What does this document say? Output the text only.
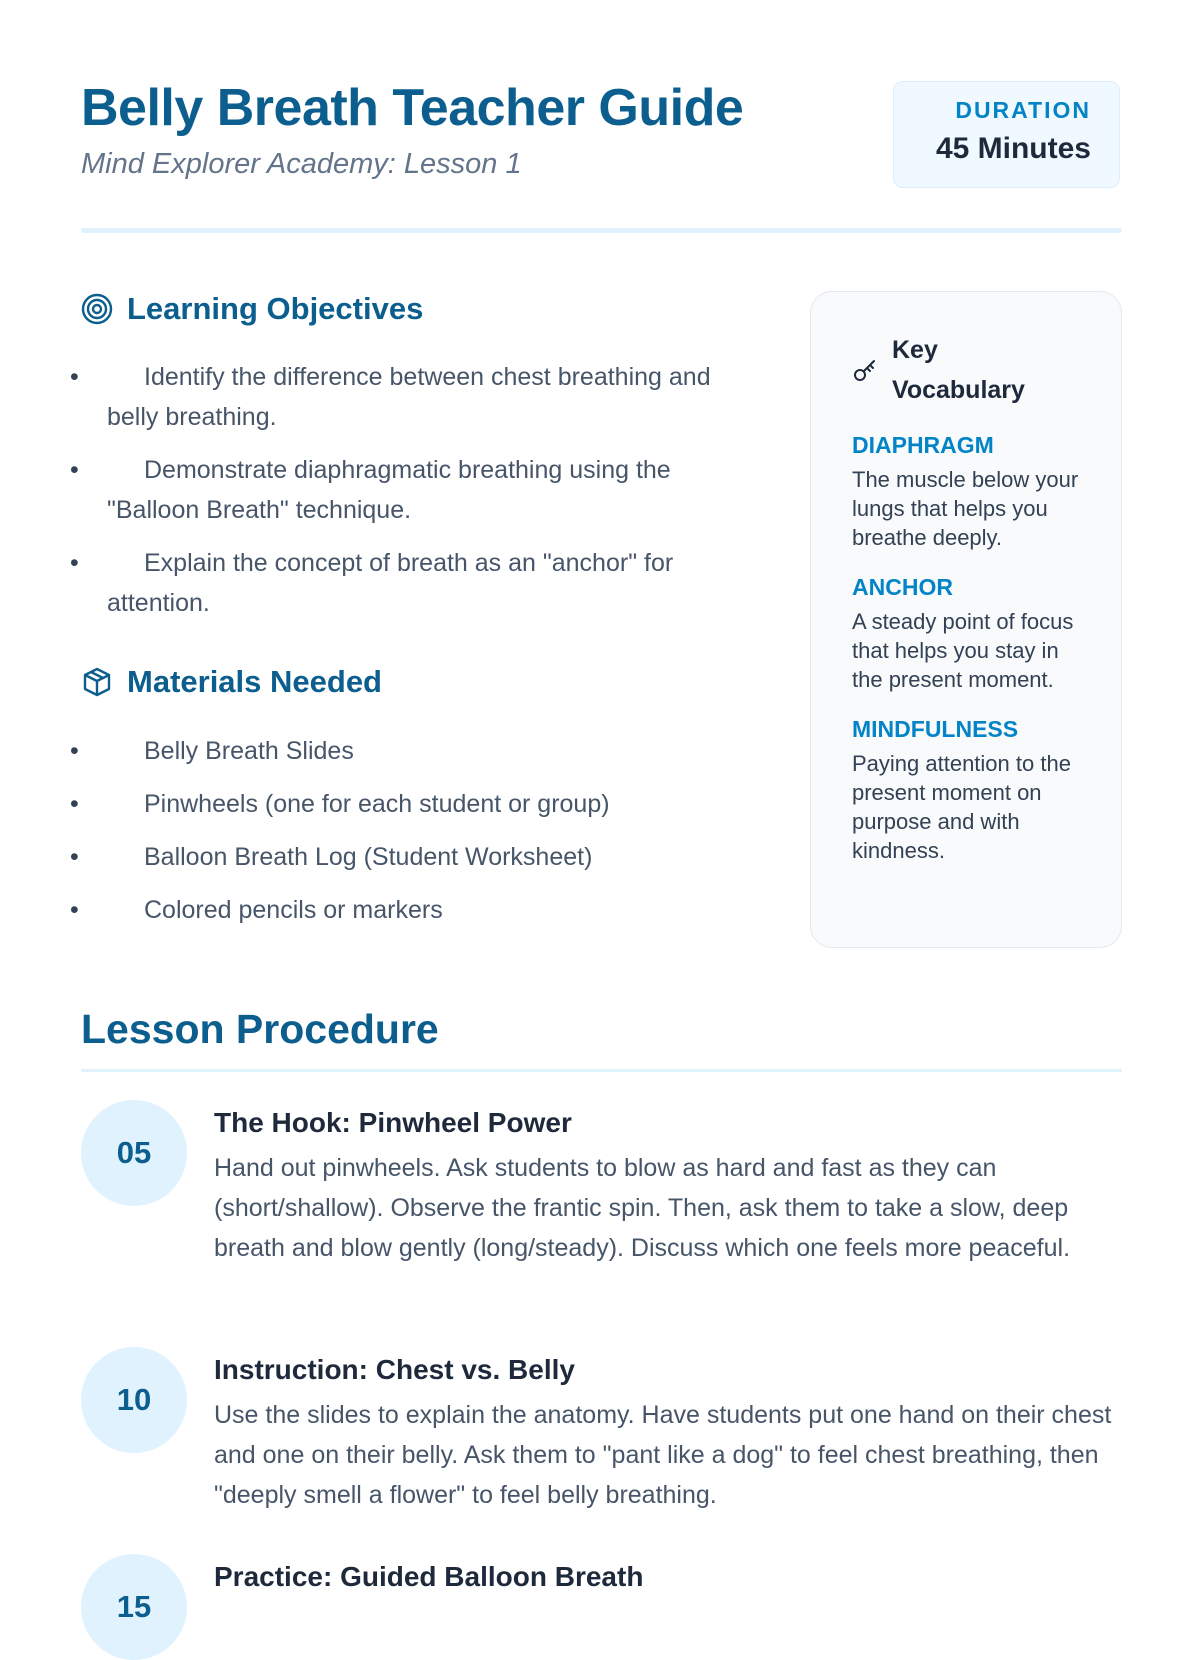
Belly Breath Teacher Guide

Mind Explorer Academy: Lesson 1

DURATION
45 Minutes
Learning Objectives
• Identify the difference between chest breathing and belly breathing.
• Demonstrate diaphragmatic breathing using the "Balloon Breath" technique.
• Explain the concept of breath as an "anchor" for attention.
Materials Needed
• Belly Breath Slides
• Pinwheels (one for each student or group)
• Balloon Breath Log (Student Worksheet)
• Colored pencils or markers
Key Vocabulary
DIAPHRAGM
The muscle below your lungs that helps you breathe deeply.
ANCHOR
A steady point of focus that helps you stay in the present moment.
MINDFULNESS
Paying attention to the present moment on purpose and with kindness.
Lesson Procedure
05
The Hook: Pinwheel Power
Hand out pinwheels. Ask students to blow as hard and fast as they can (short/shallow). Observe the frantic spin. Then, ask them to take a slow, deep breath and blow gently (long/steady). Discuss which one feels more peaceful.
10
Instruction: Chest vs. Belly
Use the slides to explain the anatomy. Have students put one hand on their chest and one on their belly. Ask them to "pant like a dog" to feel chest breathing, then "deeply smell a flower" to feel belly breathing.
15
Practice: Guided Balloon Breath
